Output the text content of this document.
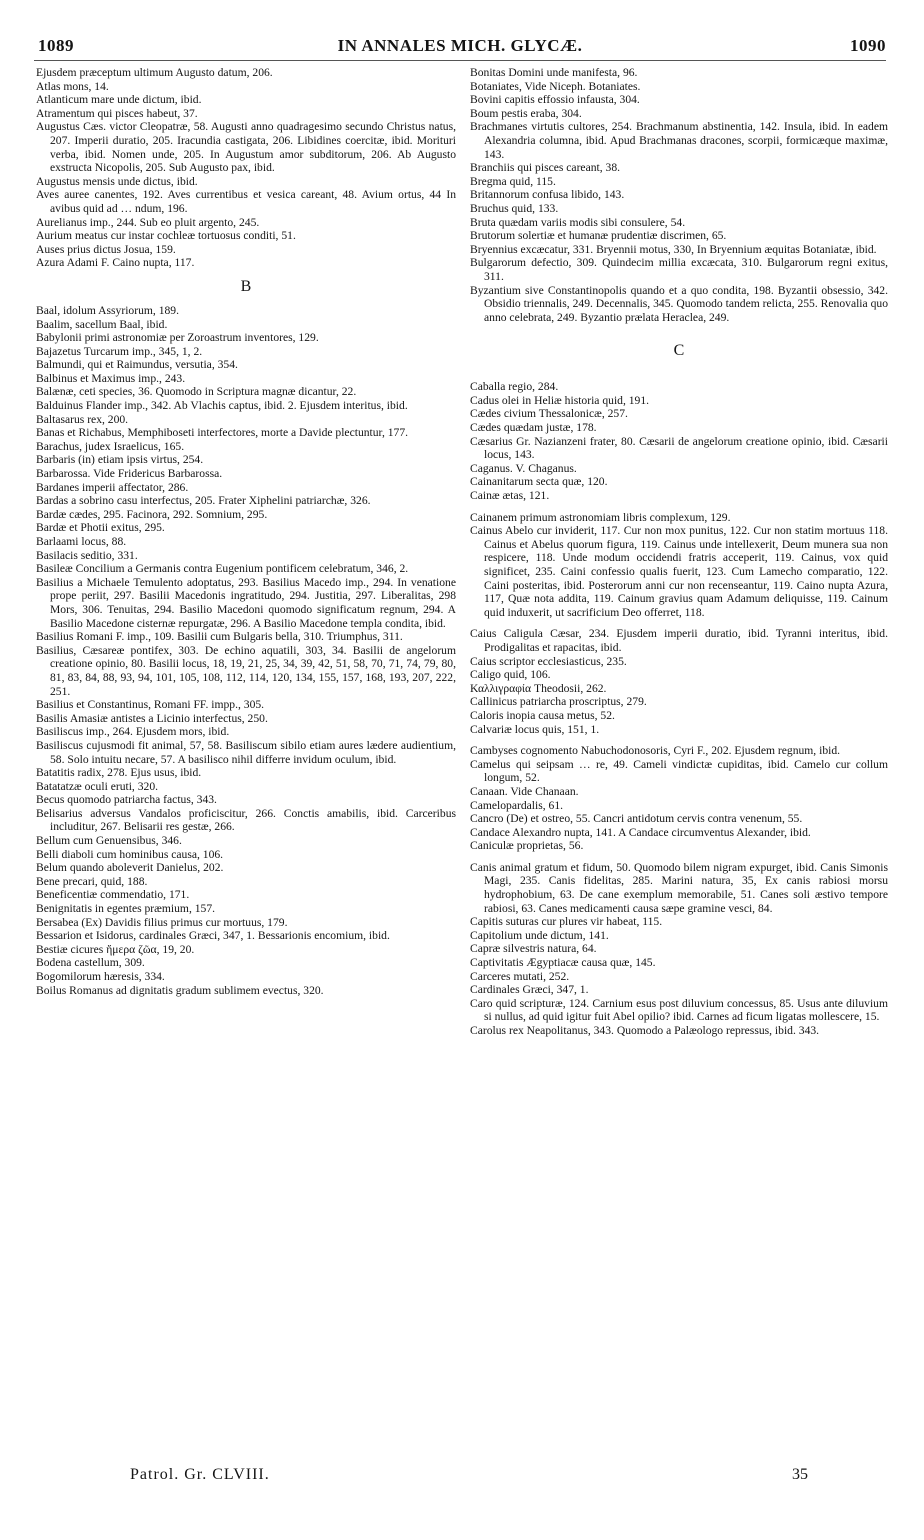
1089	IN ANNALES MICH. GLYCÆ.	1090
Ejusdem præceptum ultimum Augusto datum, 206.
Atlas mons, 14.
Atlanticum mare unde dictum, ibid.
Atramentum qui pisces habeut, 37.
Augustus Cæs. victor Cleopatræ, 58. Augusti anno quadragesimo secundo Christus natus, 207. Imperii duratio, 205. Iracundia castigata, 206. Libidines coercitæ, ibid. Morituri verba, ibid. Nomen unde, 205. In Augustum amor subditorum, 206. Ab Augusto exstructa Nicopolis, 205. Sub Augusto pax, ibid.
Augustus mensis unde dictus, ibid.
Aves auree canentes, 192. Aves currentibus et vesica careant, 48. Avium ortus, 44 In avibus quid ad … ndum, 196.
Aurelianus imp., 244. Sub eo pluit argento, 245.
Aurium meatus cur instar cochleæ tortuosus conditi, 51.
Auses prius dictus Josua, 159.
Azura Adami F. Caino nupta, 117.
B
Baal, idolum Assyriorum, 189.
Baalim, sacellum Baal, ibid.
Babylonii primi astronomiæ per Zoroastrum inventores, 129.
Bajazetus Turcarum imp., 345, 1, 2.
Balmundi, qui et Raimundus, versutia, 354.
Balbinus et Maximus imp., 243.
Balænæ, ceti species, 36. Quomodo in Scriptura magnæ dicantur, 22.
Balduinus Flander imp., 342. Ab Vlachis captus, ibid. 2. Ejusdem interitus, ibid.
Baltasarus rex, 200.
Banas et Richabus, Memphiboseti interfectores, morte a Davide plectuntur, 177.
Barachus, judex Israelicus, 165.
Barbaris (in) etiam ipsis virtus, 254.
Barbarossa. Vide Fridericus Barbarossa.
Bardanes imperii affectator, 286.
Bardas a sobrino casu interfectus, 205. Frater Xiphelini patriarchæ, 326.
Bardæ cædes, 295. Facinora, 292. Somnium, 295.
Bardæ et Photii exitus, 295.
Barlaami locus, 88.
Basilacis seditio, 331.
Basileæ Concilium a Germanis contra Eugenium pontificem celebratum, 346, 2.
Basilius a Michaele Temulento adoptatus, 293. Basilius Macedo imp., 294. In venatione prope periit, 297. Basilii Macedonis ingratitudo, 294. Justitia, 297. Liberalitas, 298 Mors, 306. Tenuitas, 294. Basilio Macedoni quomodo significatum regnum, 294. A Basilio Macedone cisternæ repurgatæ, 296. A Basilio Macedone templa condita, ibid.
Basilius Romani F. imp., 109. Basilii cum Bulgaris bella, 310. Triumphus, 311.
Basilius, Cæsareæ pontifex, 303. De echino aquatili, 303, 34. Basilii de angelorum creatione opinio, 80. Basilii locus, 18, 19, 21, 25, 34, 39, 42, 51, 58, 70, 71, 74, 79, 80, 81, 83, 84, 88, 93, 94, 101, 105, 108, 112, 114, 120, 134, 155, 157, 168, 193, 207, 222, 251.
Basilius et Constantinus, Romani FF. impp., 305.
Basilis Amasiæ antistes a Licinio interfectus, 250.
Basiliscus imp., 264. Ejusdem mors, ibid.
Basiliscus cujusmodi fit animal, 57, 58. Basiliscum sibilo etiam aures lædere audientium, 58. Solo intuitu necare, 57. A basilisco nihil differre invidum oculum, ibid.
Batatitis radix, 278. Ejus usus, ibid.
Batatatzæ oculi eruti, 320.
Becus quomodo patriarcha factus, 343.
Belisarius adversus Vandalos proficiscitur, 266. Conctis amabilis, ibid. Carceribus includitur, 267. Belisarii res gestæ, 266.
Bellum cum Genuensibus, 346.
Belli diaboli cum hominibus causa, 106.
Belum quando aboleverit Danielus, 202.
Bene precari, quid, 188.
Beneficentiæ commendatio, 171.
Benignitatis in egentes præmium, 157.
Bersabea (Ex) Davidis filius primus cur mortuus, 179.
Bessarion et Isidorus, cardinales Græci, 347, 1. Bessarionis encomium, ibid.
Bestiæ cicures ἥμερα ζῶα, 19, 20.
Bodena castellum, 309.
Bogomilorum hæresis, 334.
Boilus Romanus ad dignitatis gradum sublimem evectus, 320.
Bonitas Domini unde manifesta, 96.
Botaniates, Vide Niceph. Botaniates.
Bovini capitis effossio infausta, 304.
Boum pestis eraba, 304.
Brachmanes virtutis cultores, 254. Brachmanum abstinentia, 142. Insula, ibid. In eadem Alexandria columna, ibid. Apud Brachmanas dracones, scorpii, formicæque maximæ, 143.
Branchiis qui pisces careant, 38.
Bregma quid, 115.
Britannorum confusa libido, 143.
Bruchus quid, 133.
Bruta quædam variis modis sibi consulere, 54.
Brutorum solertiæ et humanæ prudentiæ discrimen, 65.
Bryennius excæcatur, 331. Bryennii motus, 330, In Bryennium æquitas Botaniatæ, ibid.
Bulgarorum defectio, 309. Quindecim millia excæcata, 310. Bulgarorum regni exitus, 311.
Byzantium sive Constantinopolis quando et a quo condita, 198. Byzantii obsessio, 342. Obsidio triennalis, 249. Decennalis, 345. Quomodo tandem relicta, 255. Renovalia quo anno celebrata, 249. Byzantio prælata Heraclea, 249.
C
Caballa regio, 284.
Cadus olei in Heliæ historia quid, 191.
Cædes civium Thessalonicæ, 257.
Cædes quædam justæ, 178.
Cæsarius Gr. Nazianzeni frater, 80. Cæsarii de angelorum creatione opinio, ibid. Cæsarii locus, 143.
Caganus. V. Chaganus.
Cainanitarum secta quæ, 120.
Cainæ ætas, 121.
Cainanem primum astronomiam libris complexum, 129.
Cainus Abelo cur inviderit, 117. Cur non mox punitus, 122. Cur non statim mortuus 118. Cainus et Abelus quorum figura, 119. Cainus unde intellexerit, Deum munera sua non respicere, 118. Unde modum occidendi fratris acceperit, 119. Cainus, vox quid significet, 235. Caini confessio qualis fuerit, 123. Cum Lamecho comparatio, 122. Caini posteritas, ibid. Posterorum anni cur non recenseantur, 119. Caino nupta Azura, 117, Quæ nota addita, 119. Cainum gravius quam Adamum deliquisse, 119. Cainum quid induxerit, ut sacrificium Deo offerret, 118.
Caius Caligula Cæsar, 234. Ejusdem imperii duratio, ibid. Tyranni interitus, ibid. Prodigalitas et rapacitas, ibid.
Caius scriptor ecclesiasticus, 235.
Caligo quid, 106.
Καλλιγραφία Theodosii, 262.
Callinicus patriarcha proscriptus, 279.
Caloris inopia causa metus, 52.
Calvariæ locus quis, 151, 1.
Cambyses cognomento Nabuchodonosoris, Cyri F., 202. Ejusdem regnum, ibid.
Camelus qui seipsam … re, 49. Cameli vindictæ cupiditas, ibid. Camelo cur collum longum, 52.
Canaan. Vide Chanaan.
Camelopardalis, 61.
Cancro (De) et ostreo, 55. Cancri antidotum cervis contra venenum, 55.
Candace Alexandro nupta, 141. A Candace circumventus Alexander, ibid.
Caniculæ proprietas, 56.
Canis animal gratum et fidum, 50. Quomodo bilem nigram expurget, ibid. Canis Simonis Magi, 235. Canis fidelitas, 285. Marini natura, 35, Ex canis rabiosi morsu hydrophobium, 63. De cane exemplum memorabile, 51. Canes soli æstivo tempore rabiosi, 63. Canes medicamenti causa sæpe gramine vesci, 84.
Capitis suturas cur plures vir habeat, 115.
Capitolium unde dictum, 141.
Capræ silvestris natura, 64.
Captivitatis Ægyptiacæ causa quæ, 145.
Carceres mutati, 252.
Cardinales Græci, 347, 1.
Caro quid scripturæ, 124. Carnium esus post diluvium concessus, 85. Usus ante diluvium si nullus, ad quid igitur fuit Abel opilio? ibid. Carnes ad ficum ligatas mollescere, 15.
Carolus rex Neapolitanus, 343. Quomodo a Palæologo repressus, ibid. 343.
Patrol. Gr. CLVIII.	35
